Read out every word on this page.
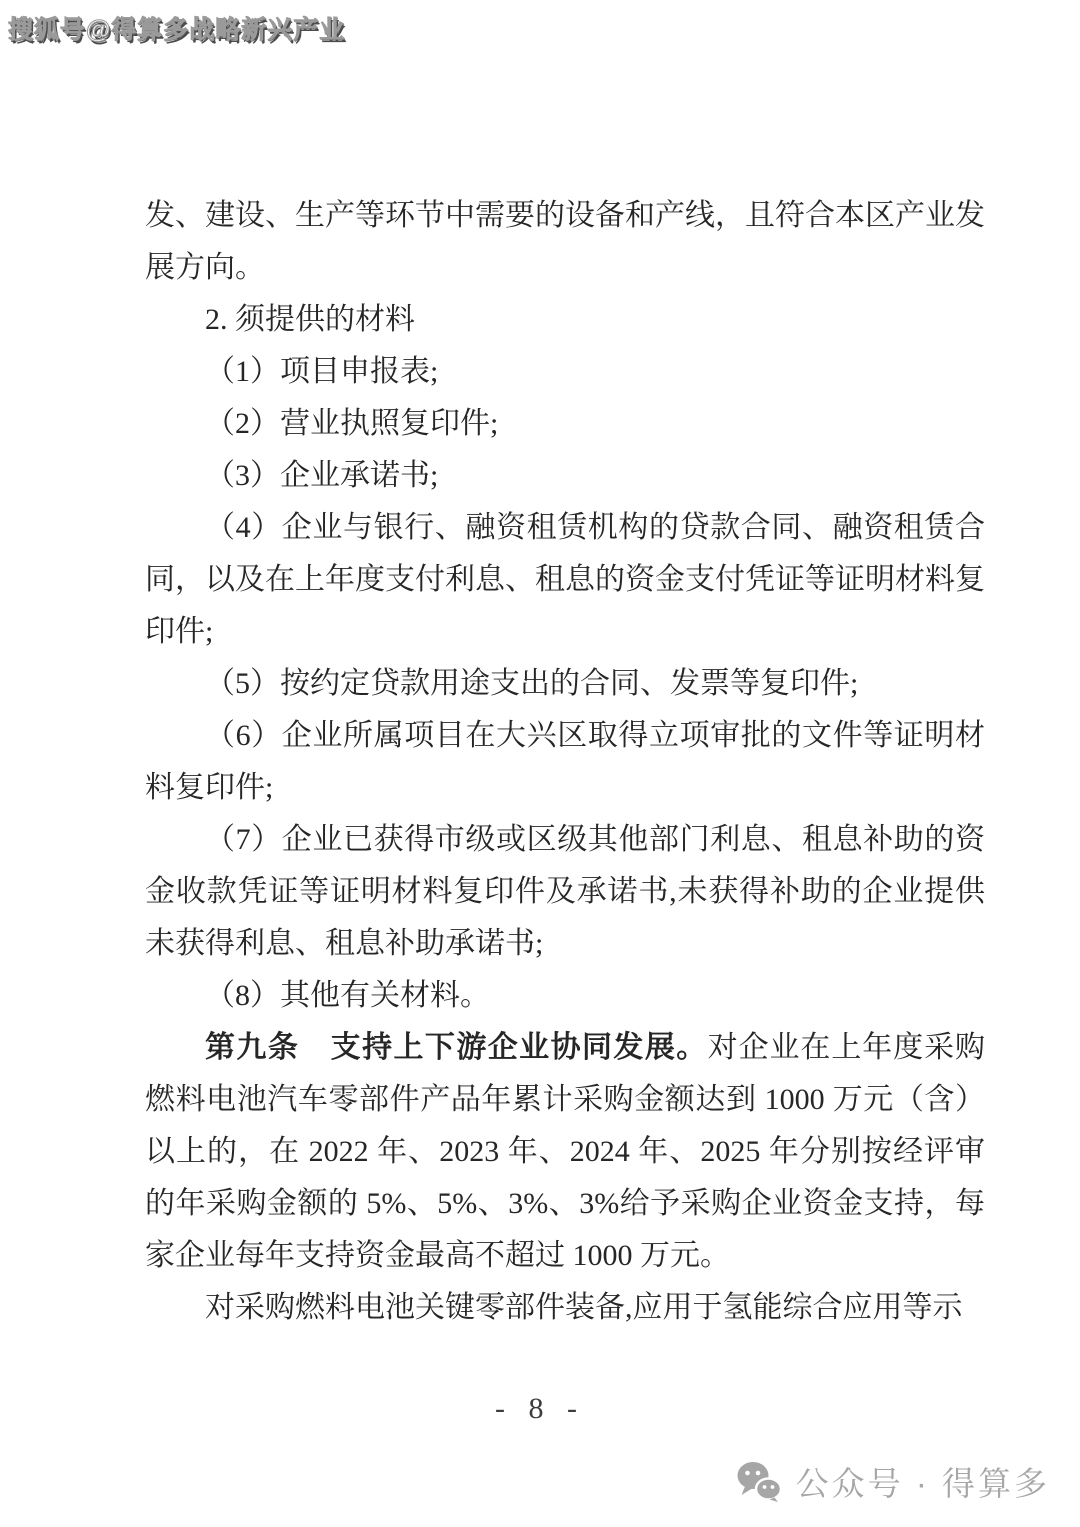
搜狐号@得算多战略新兴产业

发、建设、生产等环节中需要的设备和产线，且符合本区产业发展方向。

2. 须提供的材料

（1）项目申报表;

（2）营业执照复印件;

（3）企业承诺书;

（4）企业与银行、融资租赁机构的贷款合同、融资租赁合同，以及在上年度支付利息、租息的资金支付凭证等证明材料复印件;

（5）按约定贷款用途支出的合同、发票等复印件;

（6）企业所属项目在大兴区取得立项审批的文件等证明材料复印件;

（7）企业已获得市级或区级其他部门利息、租息补助的资金收款凭证等证明材料复印件及承诺书,未获得补助的企业提供未获得利息、租息补助承诺书;

（8）其他有关材料。

第九条　支持上下游企业协同发展。对企业在上年度采购燃料电池汽车零部件产品年累计采购金额达到 1000 万元（含）以上的，在 2022 年、2023 年、2024 年、2025 年分别按经评审的年采购金额的 5%、5%、3%、3%给予采购企业资金支持，每家企业每年支持资金最高不超过 1000 万元。

对采购燃料电池关键零部件装备,应用于氢能综合应用等示

- 8 -
公众号 · 得算多
